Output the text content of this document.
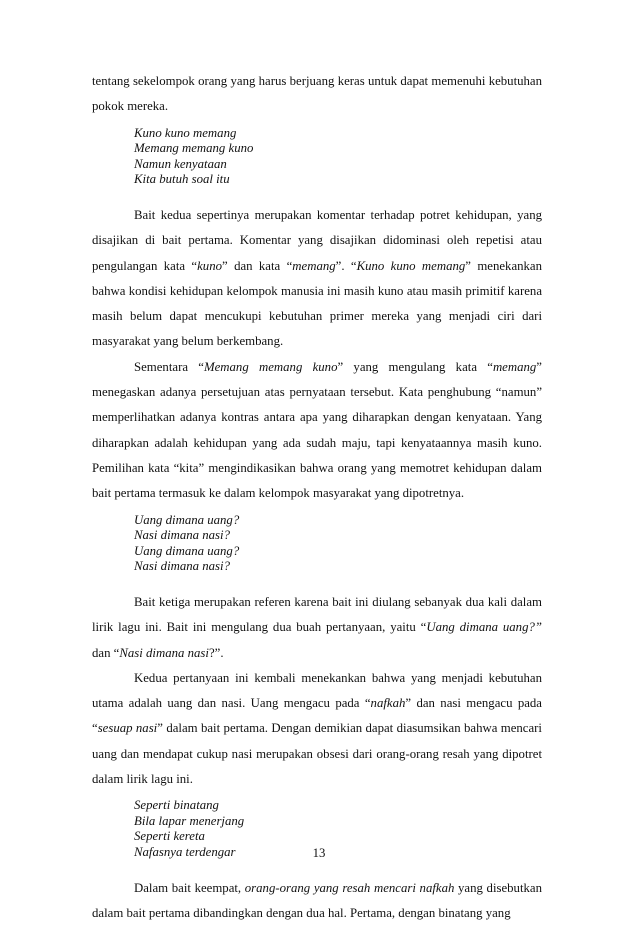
tentang sekelompok orang yang harus berjuang keras untuk dapat memenuhi kebutuhan pokok mereka.

Kuno kuno memang
Memang memang kuno
Namun kenyataan
Kita butuh soal itu

Bait kedua sepertinya merupakan komentar terhadap potret kehidupan, yang disajikan di bait pertama. Komentar yang disajikan didominasi oleh repetisi atau pengulangan kata “kuno” dan kata “memang”. “Kuno kuno memang” menekankan bahwa kondisi kehidupan kelompok manusia ini masih kuno atau masih primitif karena masih belum dapat mencukupi kebutuhan primer mereka yang menjadi ciri dari masyarakat yang belum berkembang.

Sementara “Memang memang kuno” yang mengulang kata “memang” menegaskan adanya persetujuan atas pernyataan tersebut. Kata penghubung “namun” memperlihatkan adanya kontras antara apa yang diharapkan dengan kenyataan. Yang diharapkan adalah kehidupan yang ada sudah maju, tapi kenyataannya masih kuno. Pemilihan kata “kita” mengindikasikan bahwa orang yang memotret kehidupan dalam bait pertama termasuk ke dalam kelompok masyarakat yang dipotretnya.

Uang dimana uang?
Nasi dimana nasi?
Uang dimana uang?
Nasi dimana nasi?

Bait ketiga merupakan referen karena bait ini diulang sebanyak dua kali dalam lirik lagu ini. Bait ini mengulang dua buah pertanyaan, yaitu “Uang dimana uang?” dan “Nasi dimana nasi?”.

Kedua pertanyaan ini kembali menekankan bahwa yang menjadi kebutuhan utama adalah uang dan nasi. Uang mengacu pada “nafkah” dan nasi mengacu pada “sesuap nasi” dalam bait pertama. Dengan demikian dapat diasumsikan bahwa mencari uang dan mendapat cukup nasi merupakan obsesi dari orang-orang resah yang dipotret dalam lirik lagu ini.

Seperti binatang
Bila lapar menerjang
Seperti kereta
Nafasnya terdengar

Dalam bait keempat, orang-orang yang resah mencari nafkah yang disebutkan dalam bait pertama dibandingkan dengan dua hal. Pertama, dengan binatang yang

13
